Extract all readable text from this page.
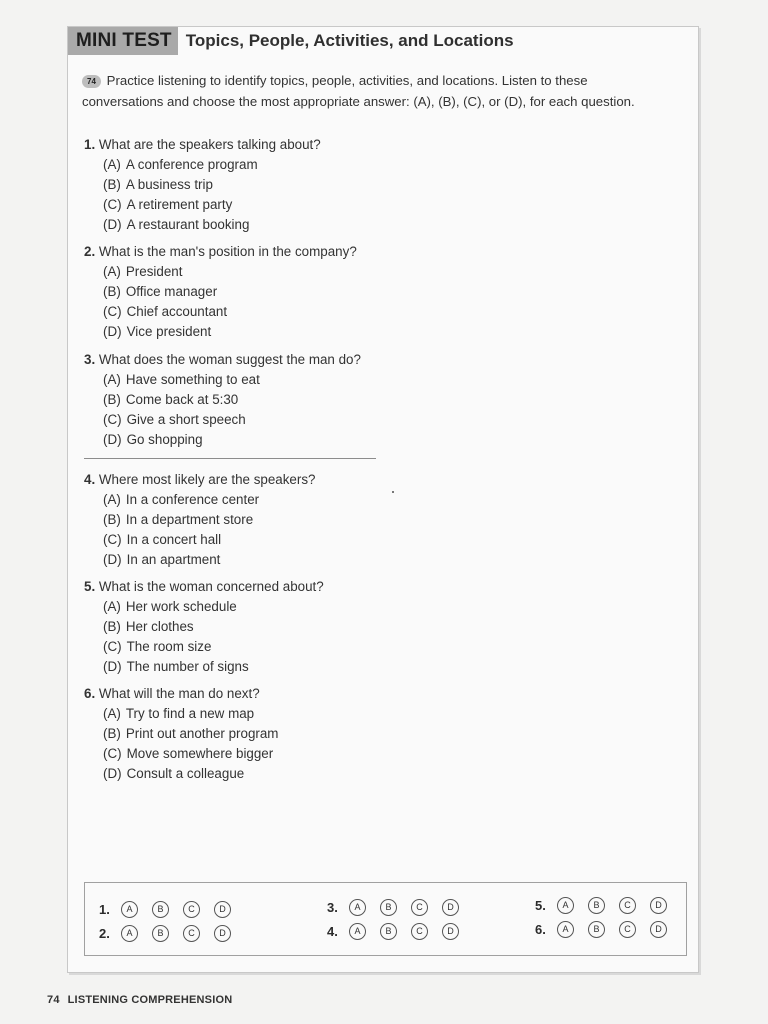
MINI TEST Topics, People, Activities, and Locations
74 Practice listening to identify topics, people, activities, and locations. Listen to these conversations and choose the most appropriate answer: (A), (B), (C), or (D), for each question.
1. What are the speakers talking about?
(A) A conference program
(B) A business trip
(C) A retirement party
(D) A restaurant booking
2. What is the man's position in the company?
(A) President
(B) Office manager
(C) Chief accountant
(D) Vice president
3. What does the woman suggest the man do?
(A) Have something to eat
(B) Come back at 5:30
(C) Give a short speech
(D) Go shopping
4. Where most likely are the speakers?
(A) In a conference center
(B) In a department store
(C) In a concert hall
(D) In an apartment
5. What is the woman concerned about?
(A) Her work schedule
(B) Her clothes
(C) The room size
(D) The number of signs
6. What will the man do next?
(A) Try to find a new map
(B) Print out another program
(C) Move somewhere bigger
(D) Consult a colleague
1.	A	B	C	D
2.	A	B	C	D
3.	A	B	C	D
4.	A	B	C	D
5.	A	B	C	D
6.	A	B	C	D
74 LISTENING COMPREHENSION
